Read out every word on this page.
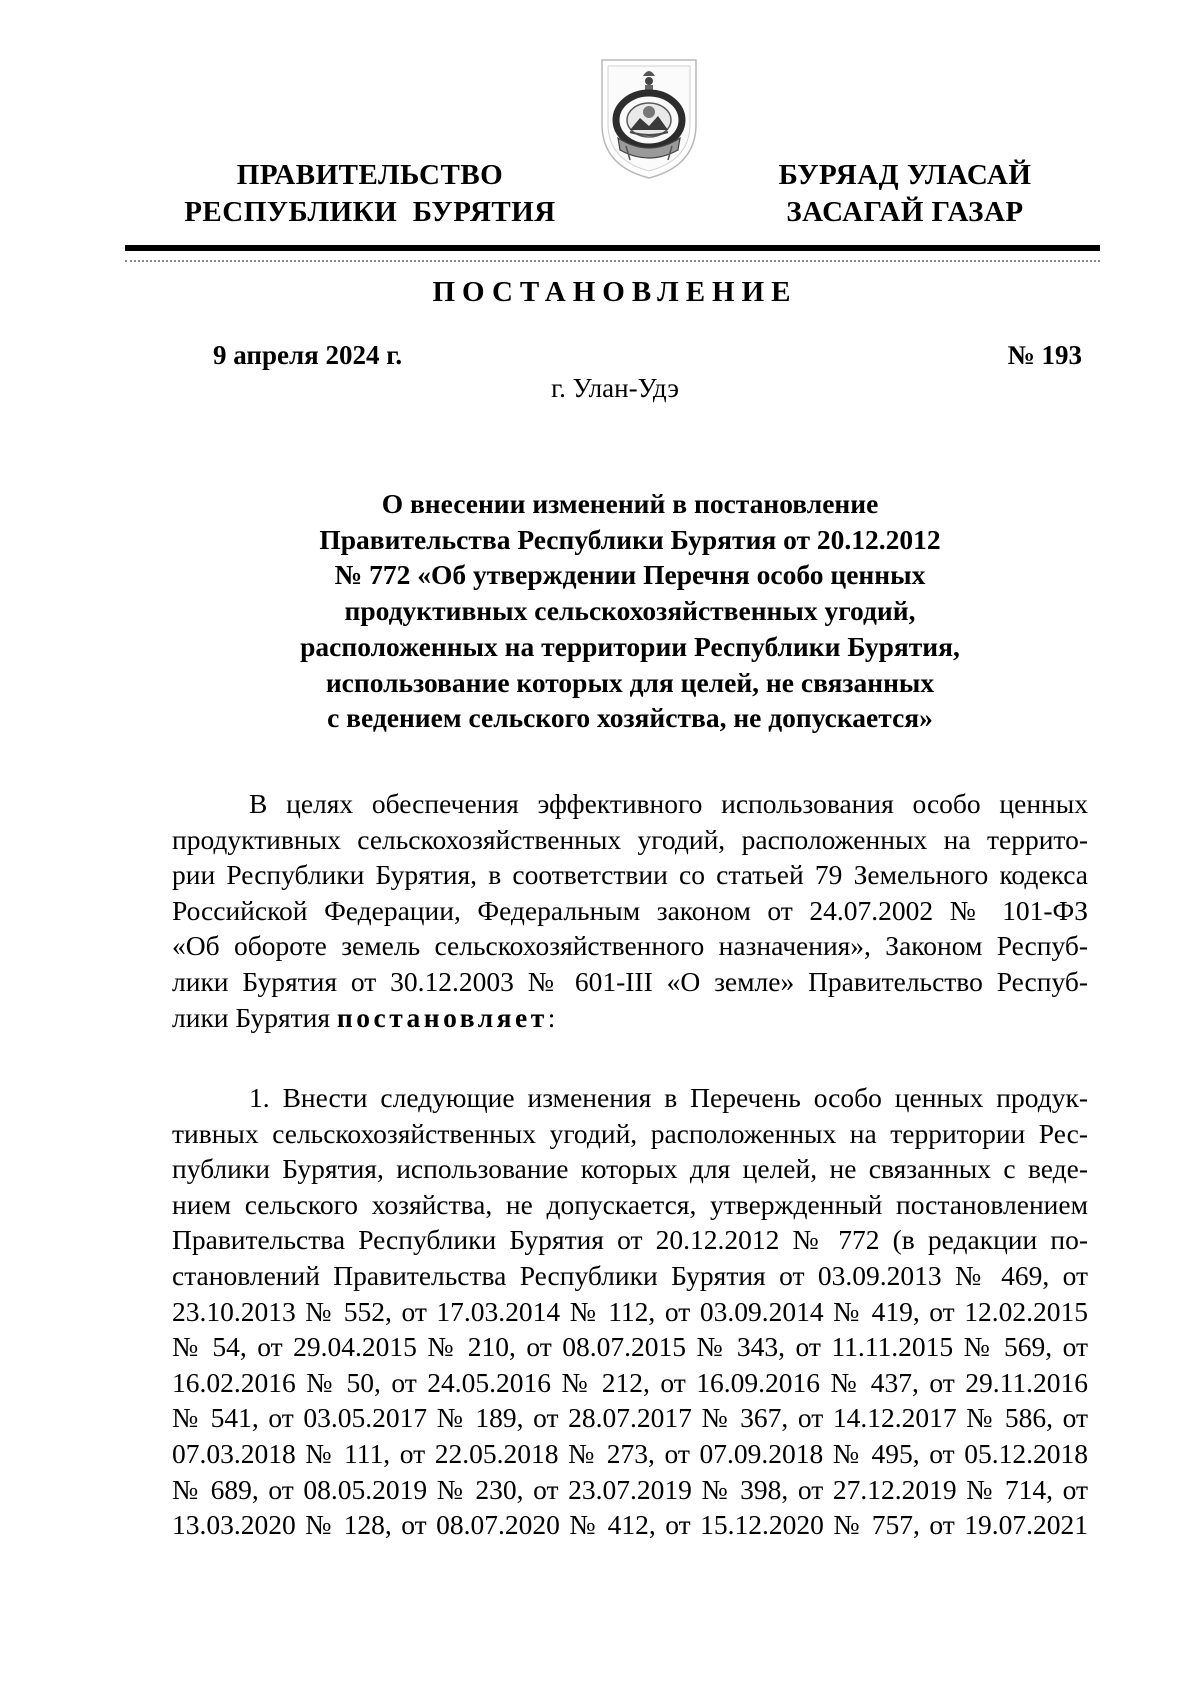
ПРАВИТЕЛЬСТВО
РЕСПУБЛИКИ  БУРЯТИЯ
БУРЯАД УЛАСАЙ
ЗАСАГАЙ ГАЗАР
ПОСТАНОВЛЕНИЕ
9 апреля 2024 г.	№ 193
г. Улан-Удэ
О внесении изменений в постановление
Правительства Республики Бурятия от 20.12.2012
№ 772 «Об утверждении Перечня особо ценных
продуктивных сельскохозяйственных угодий,
расположенных на территории Республики Бурятия,
использование которых для целей, не связанных
с ведением сельского хозяйства, не допускается»
В целях обеспечения эффективного использования особо ценных
продуктивных сельскохозяйственных угодий, расположенных на террито-
рии Республики Бурятия, в соответствии со статьей 79 Земельного кодекса
Российской Федерации, Федеральным законом от 24.07.2002 № 101-ФЗ
«Об обороте земель сельскохозяйственного назначения», Законом Респуб-
лики Бурятия от 30.12.2003 № 601-III «О земле» Правительство Респуб-
лики Бурятия постановляет:
1. Внести следующие изменения в Перечень особо ценных продук-
тивных сельскохозяйственных угодий, расположенных на территории Рес-
публики Бурятия, использование которых для целей, не связанных с веде-
нием сельского хозяйства, не допускается, утвержденный постановлением
Правительства Республики Бурятия от 20.12.2012 № 772 (в редакции по-
становлений Правительства Республики Бурятия от 03.09.2013 № 469, от
23.10.2013 № 552, от 17.03.2014 № 112, от 03.09.2014 № 419, от 12.02.2015
№ 54, от 29.04.2015 № 210, от 08.07.2015 № 343, от 11.11.2015 № 569, от
16.02.2016 № 50, от 24.05.2016 № 212, от 16.09.2016 № 437, от 29.11.2016
№ 541, от 03.05.2017 № 189, от 28.07.2017 № 367, от 14.12.2017 № 586, от
07.03.2018 № 111, от 22.05.2018 № 273, от 07.09.2018 № 495, от 05.12.2018
№ 689, от 08.05.2019 № 230, от 23.07.2019 № 398, от 27.12.2019 № 714, от
13.03.2020 № 128, от 08.07.2020 № 412, от 15.12.2020 № 757, от 19.07.2021
